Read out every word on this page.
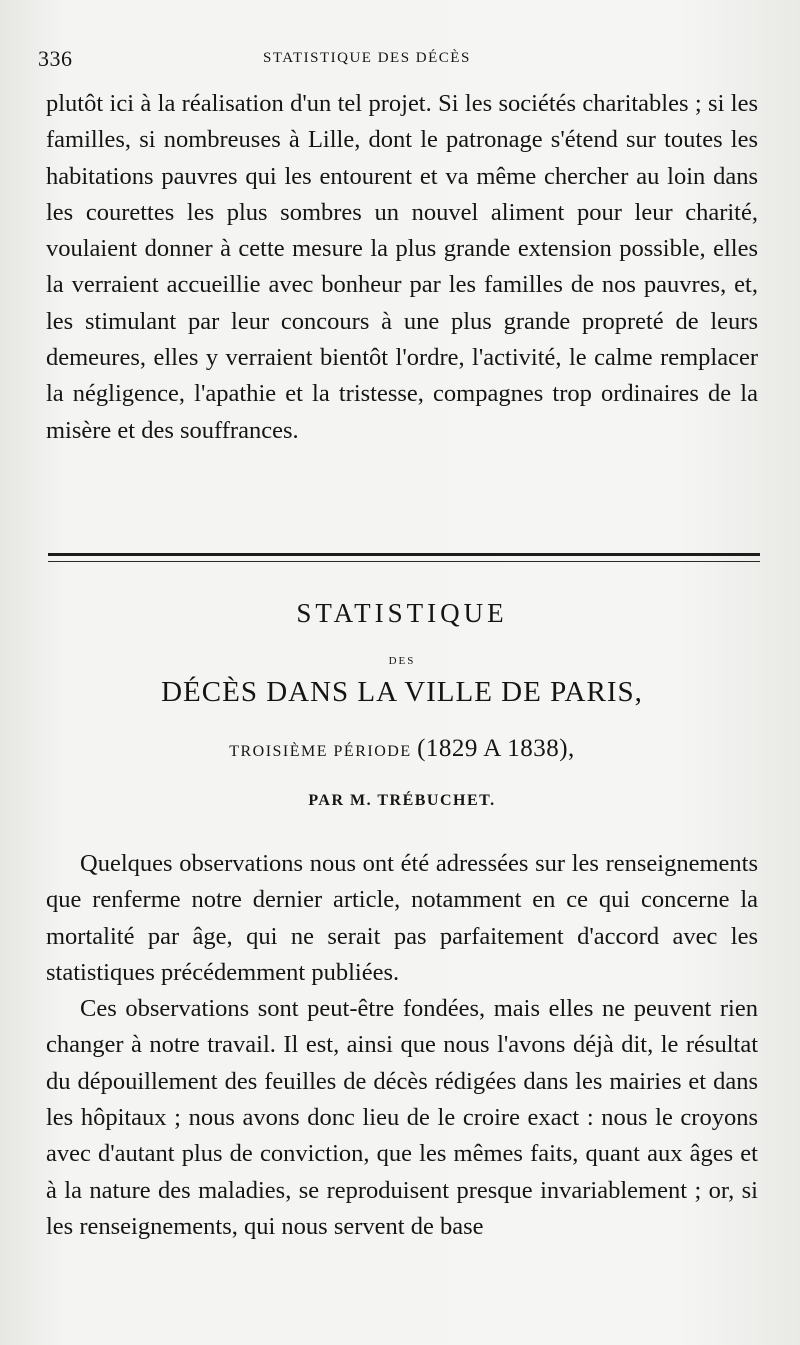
336	STATISTIQUE DES DÉCÈS

plutôt ici à la réalisation d'un tel projet. Si les sociétés charitables ; si les familles, si nombreuses à Lille, dont le patronage s'étend sur toutes les habitations pauvres qui les entourent et va même chercher au loin dans les courettes les plus sombres un nouvel aliment pour leur charité, voulaient donner à cette mesure la plus grande extension possible, elles la verraient accueillie avec bonheur par les familles de nos pauvres, et, les stimulant par leur concours à une plus grande propreté de leurs demeures, elles y verraient bientôt l'ordre, l'activité, le calme remplacer la négligence, l'apathie et la tristesse, compagnes trop ordinaires de la misère et des souffrances.

STATISTIQUE
DES
DÉCÈS DANS LA VILLE DE PARIS,
TROISIÈME PÉRIODE (1829 A 1838),
PAR M. TRÉBUCHET.

Quelques observations nous ont été adressées sur les renseignements que renferme notre dernier article, notamment en ce qui concerne la mortalité par âge, qui ne serait pas parfaitement d'accord avec les statistiques précédemment publiées.

Ces observations sont peut-être fondées, mais elles ne peuvent rien changer à notre travail. Il est, ainsi que nous l'avons déjà dit, le résultat du dépouillement des feuilles de décès rédigées dans les mairies et dans les hôpitaux ; nous avons donc lieu de le croire exact : nous le croyons avec d'autant plus de conviction, que les mêmes faits, quant aux âges et à la nature des maladies, se reproduisent presque invariablement ; or, si les renseignements, qui nous servent de base
